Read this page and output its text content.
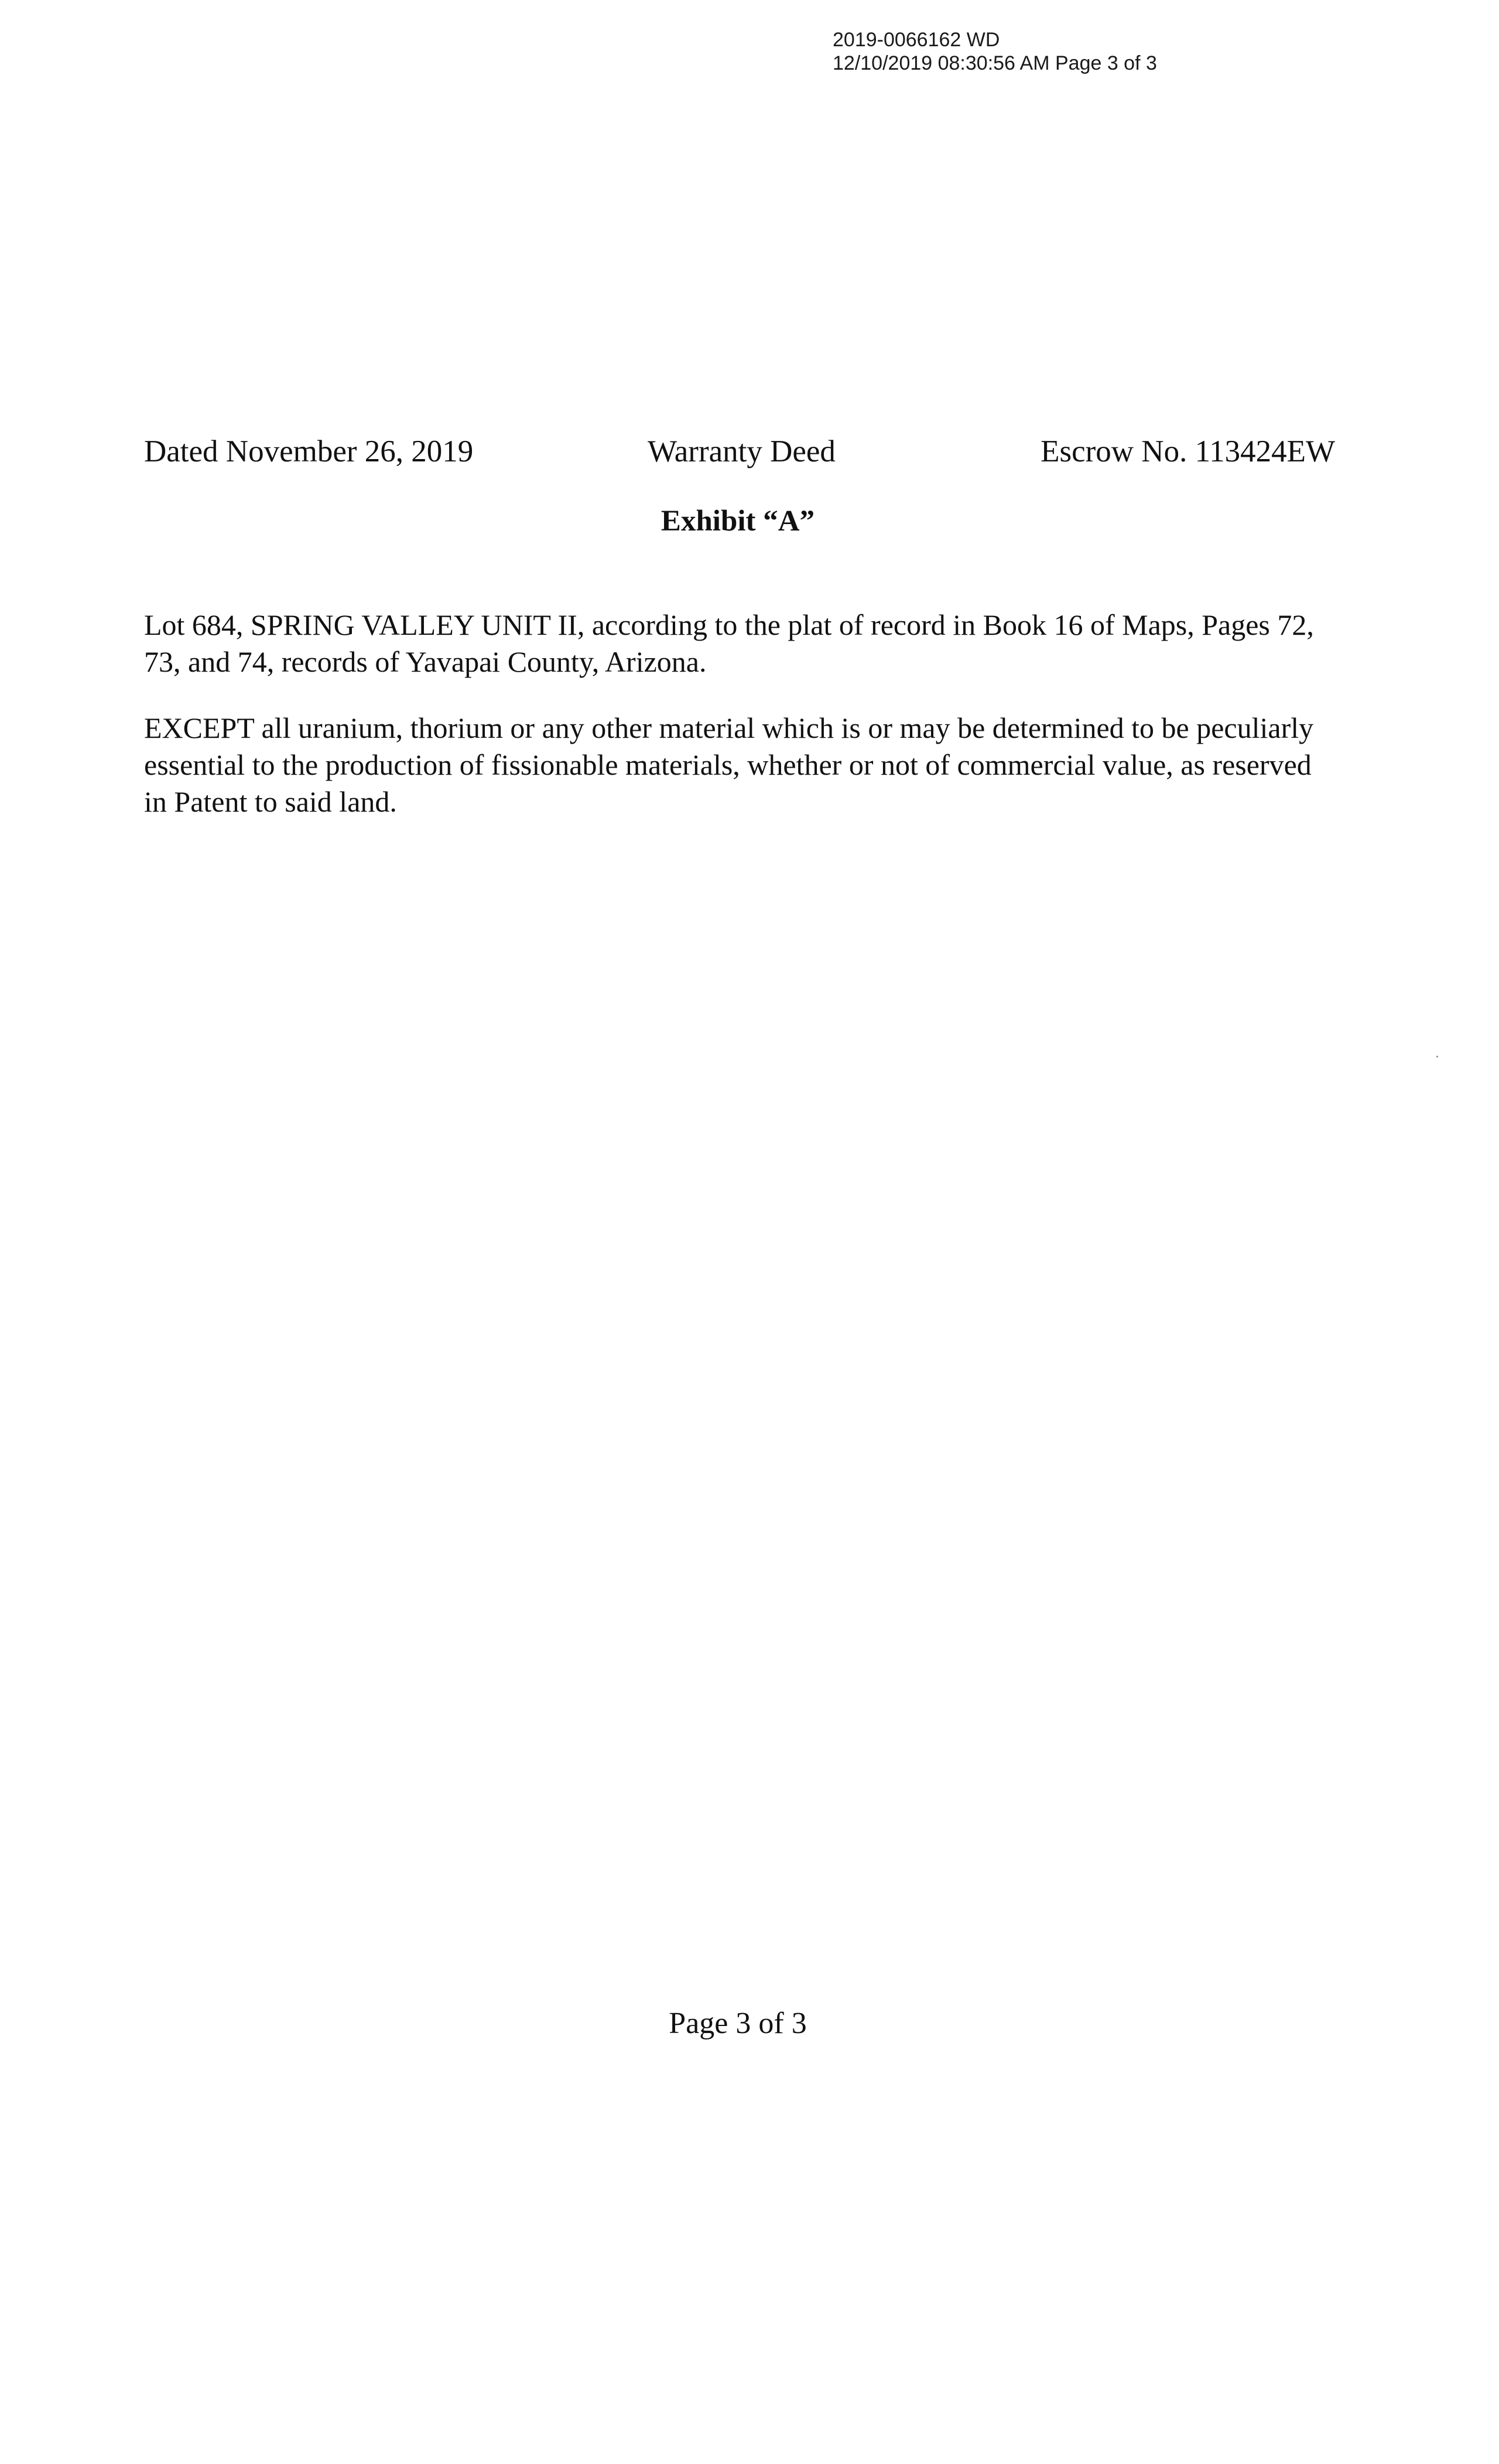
2019-0066162 WD
12/10/2019 08:30:56 AM Page 3 of 3
Dated November 26, 2019	Warranty Deed	Escrow No. 113424EW
Exhibit “A”

Lot 684, SPRING VALLEY UNIT II, according to the plat of record in Book 16 of Maps, Pages 72, 73, and 74, records of Yavapai County, Arizona.

EXCEPT all uranium, thorium or any other material which is or may be determined to be peculiarly essential to the production of fissionable materials, whether or not of commercial value, as reserved in Patent to said land.

Page 3 of 3
